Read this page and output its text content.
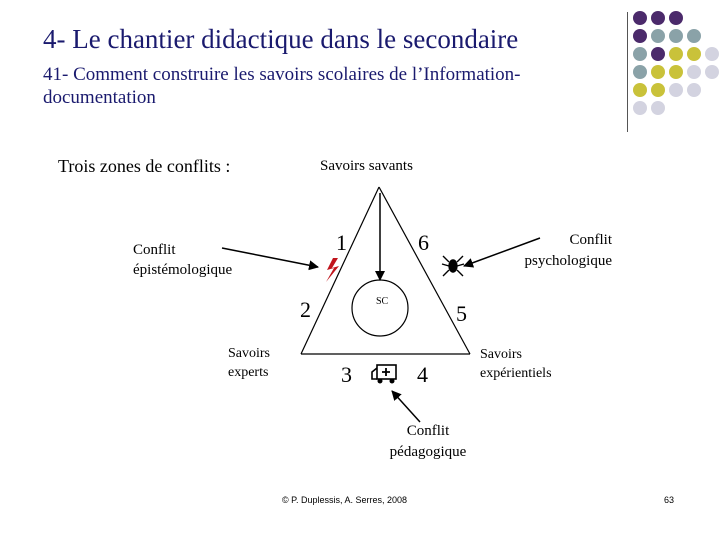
4- Le chantier didactique dans le secondaire
41- Comment construire les savoirs scolaires de l’Information-documentation
Trois zones de conflits :	Savoirs savants
Conflit épistémologique
Conflit psychologique
Savoirs experts
Savoirs expérientiels
Conflit pédagogique
SC
1	6
2	5
3	4
© P. Duplessis, A. Serres, 2008	63
